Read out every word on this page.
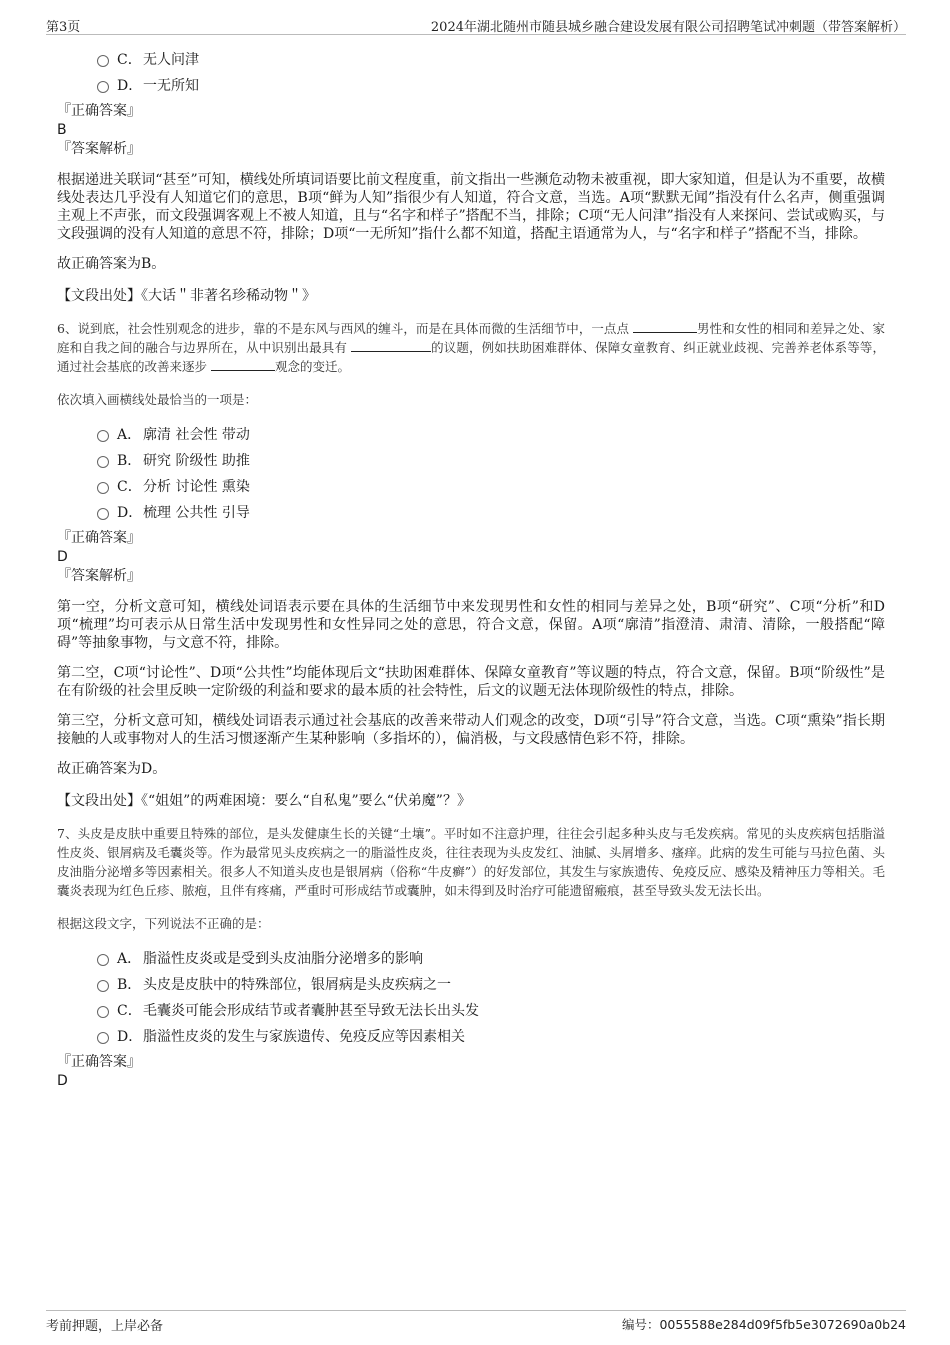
第3页	2024年湖北随州市随县城乡融合建设发展有限公司招聘笔试冲刺题（带答案解析）
C． 无人问津
D． 一无所知
『正确答案』
B
『答案解析』

根据递进关联词“甚至”可知，横线处所填词语要比前文程度重，前文指出一些濒危动物未被重视，即大家知道，但是认为不重要，故横线处表达几乎没有人知道它们的意思，B项“鲜为人知”指很少有人知道，符合文意，当选。A项“默默无闻”指没有什么名声，侧重强调主观上不声张，而文段强调客观上不被人知道，且与“名字和样子”搭配不当，排除；C项“无人问津”指没有人来探问、尝试或购买，与文段强调的没有人知道的意思不符，排除；D项“一无所知”指什么都不知道，搭配主语通常为人，与“名字和样子”搭配不当，排除。

故正确答案为B。

【文段出处】《大话＂非著名珍稀动物＂》

6、说到底，社会性别观念的进步，靠的不是东风与西风的缠斗，而是在具体而微的生活细节中，一点点	男性和女性的相同和差异之处、家庭和自我之间的融合与边界所在，从中识别出最具有	的议题，例如扶助困难群体、保障女童教育、纠正就业歧视、完善养老体系等等，通过社会基底的改善来逐步	观念的变迁。

依次填入画横线处最恰当的一项是：
A． 廓清 社会性 带动
B． 研究 阶级性 助推
C． 分析 讨论性 熏染
D． 梳理 公共性 引导
『正确答案』
D
『答案解析』

第一空，分析文意可知，横线处词语表示要在具体的生活细节中来发现男性和女性的相同与差异之处，B项“研究”、C项“分析”和D项“梳理”均可表示从日常生活中发现男性和女性异同之处的意思，符合文意，保留。A项“廓清”指澄清、肃清、清除，一般搭配“障碍”等抽象事物，与文意不符，排除。

第二空，C项“讨论性”、D项“公共性”均能体现后文“扶助困难群体、保障女童教育”等议题的特点，符合文意，保留。B项“阶级性”是在有阶级的社会里反映一定阶级的利益和要求的最本质的社会特性，后文的议题无法体现阶级性的特点，排除。

第三空，分析文意可知，横线处词语表示通过社会基底的改善来带动人们观念的改变，D项“引导”符合文意，当选。C项“熏染”指长期接触的人或事物对人的生活习惯逐渐产生某种影响（多指坏的），偏消极，与文段感情色彩不符，排除。

故正确答案为D。

【文段出处】《“姐姐”的两难困境：要么“自私鬼”要么“伏弟魔”？》

7、头皮是皮肤中重要且特殊的部位，是头发健康生长的关键“土壤”。平时如不注意护理，往往会引起多种头皮与毛发疾病。常见的头皮疾病包括脂溢性皮炎、银屑病及毛囊炎等。作为最常见头皮疾病之一的脂溢性皮炎，往往表现为头皮发红、油腻、头屑增多、瘙痒。此病的发生可能与马拉色菌、头皮油脂分泌增多等因素相关。很多人不知道头皮也是银屑病（俗称“牛皮癣”）的好发部位，其发生与家族遗传、免疫反应、感染及精神压力等相关。毛囊炎表现为红色丘疹、脓疱，且伴有疼痛，严重时可形成结节或囊肿，如未得到及时治疗可能遗留瘢痕，甚至导致头发无法长出。

根据这段文字，下列说法不正确的是：
A． 脂溢性皮炎或是受到头皮油脂分泌增多的影响
B． 头皮是皮肤中的特殊部位，银屑病是头皮疾病之一
C． 毛囊炎可能会形成结节或者囊肿甚至导致无法长出头发
D． 脂溢性皮炎的发生与家族遗传、免疫反应等因素相关
『正确答案』
D
考前押题，上岸必备	编号：0055588e284d09f5fb5e3072690a0b24
